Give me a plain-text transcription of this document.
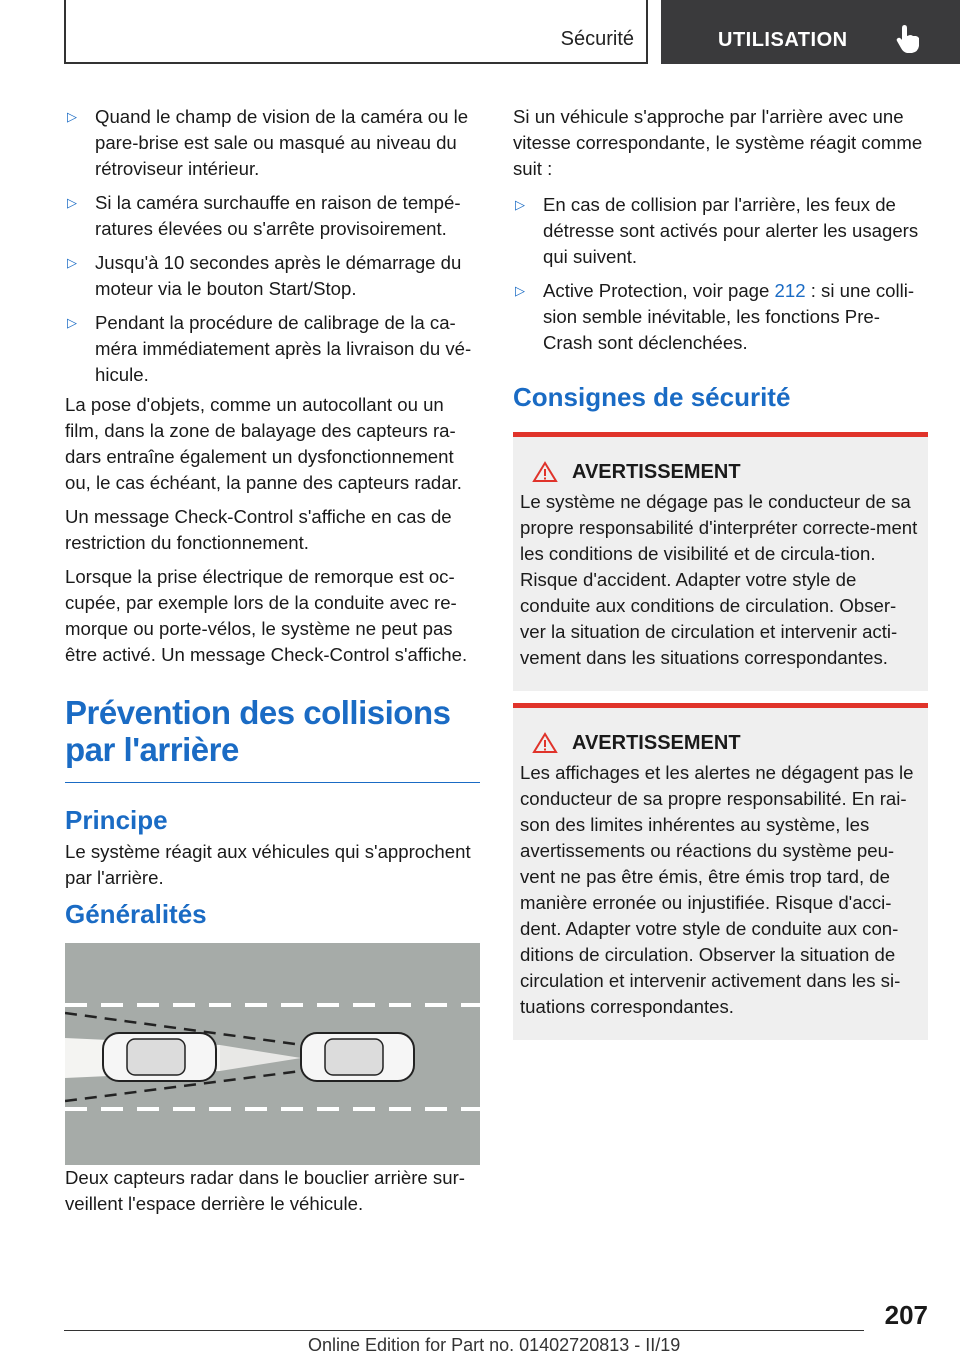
Sécurité	UTILISATION
▷ Quand le champ de vision de la caméra ou le pare-brise est sale ou masqué au niveau du rétroviseur intérieur.
▷ Si la caméra surchauffe en raison de tempé-ratures élevées ou s'arrête provisoirement.
▷ Jusqu'à 10 secondes après le démarrage du moteur via le bouton Start/Stop.
▷ Pendant la procédure de calibrage de la ca-méra immédiatement après la livraison du vé-hicule.

La pose d'objets, comme un autocollant ou un film, dans la zone de balayage des capteurs ra-dars entraîne également un dysfonctionnement ou, le cas échéant, la panne des capteurs radar.

Un message Check-Control s'affiche en cas de restriction du fonctionnement.

Lorsque la prise électrique de remorque est oc-cupée, par exemple lors de la conduite avec re-morque ou porte-vélos, le système ne peut pas être activé. Un message Check-Control s'affiche.

Prévention des collisions par l'arrière
Principe

Le système réagit aux véhicules qui s'approchent par l'arrière.

Généralités

Deux capteurs radar dans le bouclier arrière sur-veillent l'espace derrière le véhicule.

Si un véhicule s'approche par l'arrière avec une vitesse correspondante, le système réagit comme suit :

▷ En cas de collision par l'arrière, les feux de détresse sont activés pour alerter les usagers qui suivent.
▷ Active Protection, voir page 212 : si une colli-sion semble inévitable, les fonctions Pre-Crash sont déclenchées.
Consignes de sécurité
AVERTISSEMENT
Le système ne dégage pas le conducteur de sa propre responsabilité d'interpréter correcte-ment les conditions de visibilité et de circula-tion. Risque d'accident. Adapter votre style de conduite aux conditions de circulation. Obser-ver la situation de circulation et intervenir acti-vement dans les situations correspondantes.
AVERTISSEMENT
Les affichages et les alertes ne dégagent pas le conducteur de sa propre responsabilité. En rai-son des limites inhérentes au système, les avertissements ou réactions du système peu-vent ne pas être émis, être émis trop tard, de manière erronée ou injustifiée. Risque d'acci-dent. Adapter votre style de conduite aux con-ditions de circulation. Observer la situation de circulation et intervenir activement dans les si-tuations correspondantes.
207
Online Edition for Part no. 01402720813 - II/19
